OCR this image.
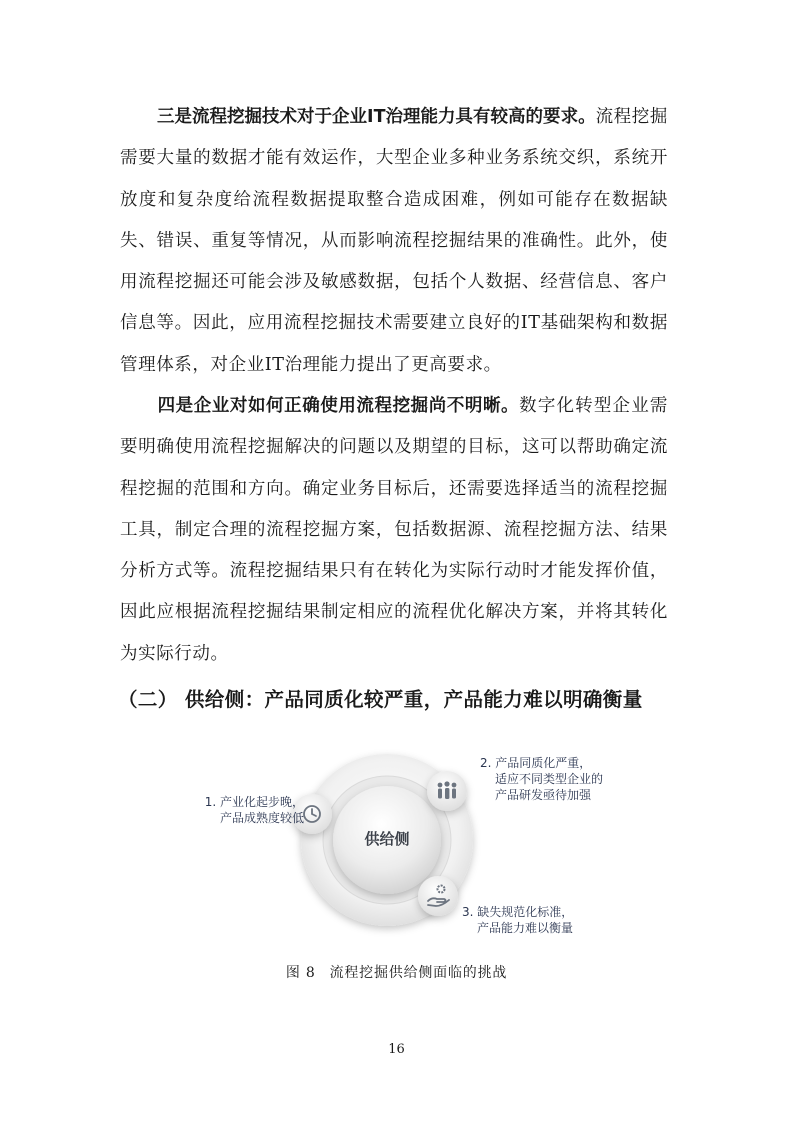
三是流程挖掘技术对于企业IT治理能力具有较高的要求。流程挖掘需要大量的数据才能有效运作，大型企业多种业务系统交织，系统开放度和复杂度给流程数据提取整合造成困难，例如可能存在数据缺失、错误、重复等情况，从而影响流程挖掘结果的准确性。此外，使用流程挖掘还可能会涉及敏感数据，包括个人数据、经营信息、客户信息等。因此，应用流程挖掘技术需要建立良好的IT基础架构和数据管理体系，对企业IT治理能力提出了更高要求。

四是企业对如何正确使用流程挖掘尚不明晰。数字化转型企业需要明确使用流程挖掘解决的问题以及期望的目标，这可以帮助确定流程挖掘的范围和方向。确定业务目标后，还需要选择适当的流程挖掘工具，制定合理的流程挖掘方案，包括数据源、流程挖掘方法、结果分析方式等。流程挖掘结果只有在转化为实际行动时才能发挥价值，因此应根据流程挖掘结果制定相应的流程优化解决方案，并将其转化为实际行动。

（二） 供给侧：产品同质化较严重，产品能力难以明确衡量
供给侧
1. 产业化起步晚，
产品成熟度较低
2. 产品同质化严重，
适应不同类型企业的
产品研发亟待加强
3. 缺失规范化标准，
产品能力难以衡量

图 8 流程挖掘供给侧面临的挑战

16
